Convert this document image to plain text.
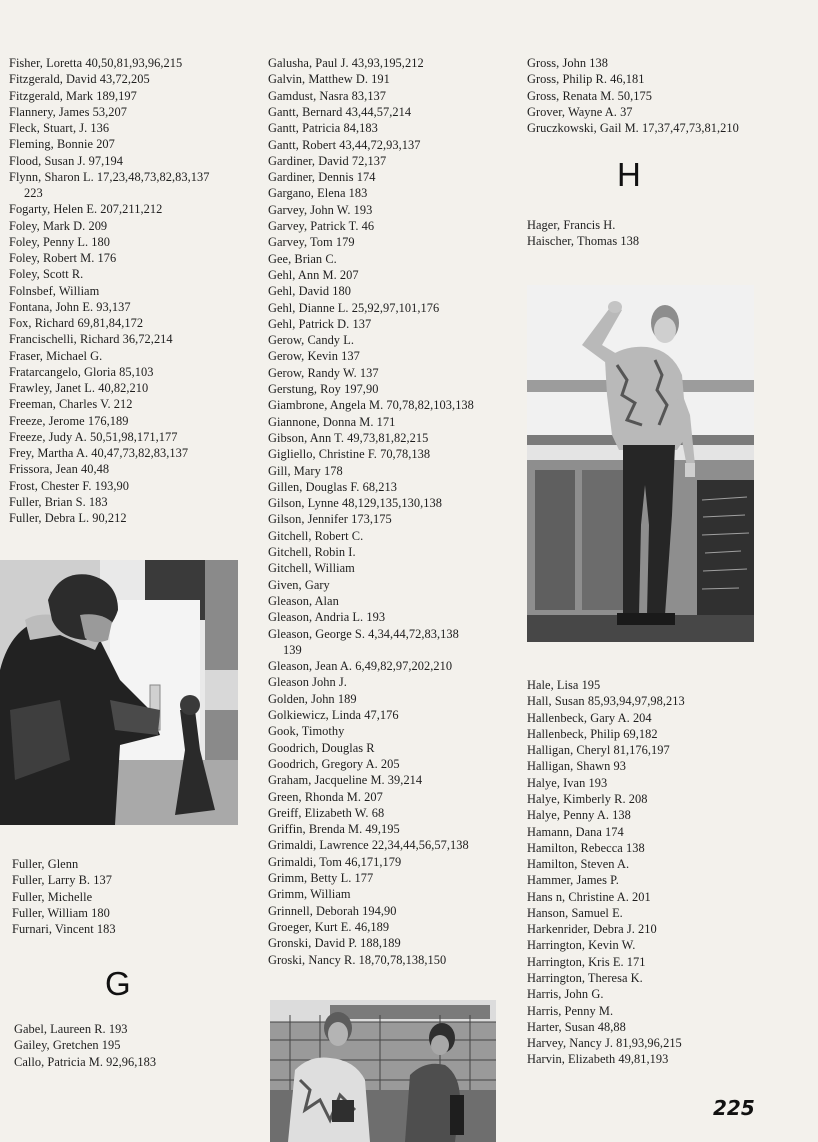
Fisher, Loretta 40,50,81,93,96,215
Fitzgerald, David 43,72,205
Fitzgerald, Mark 189,197
Flannery, James 53,207
Fleck, Stuart, J. 136
Fleming, Bonnie 207
Flood, Susan J. 97,194
Flynn, Sharon L. 17,23,48,73,82,83,137
223
Fogarty, Helen E. 207,211,212
Foley, Mark D. 209
Foley, Penny L. 180
Foley, Robert M. 176
Foley, Scott R.
Folnsbef, William
Fontana, John E. 93,137
Fox, Richard 69,81,84,172
Francischelli, Richard 36,72,214
Fraser, Michael G.
Fratarcangelo, Gloria 85,103
Frawley, Janet L. 40,82,210
Freeman, Charles V. 212
Freeze, Jerome 176,189
Freeze, Judy A. 50,51,98,171,177
Frey, Martha A. 40,47,73,82,83,137
Frissora, Jean 40,48
Frost, Chester F. 193,90
Fuller, Brian S. 183
Fuller, Debra L. 90,212
Fuller, Glenn
Fuller, Larry B. 137
Fuller, Michelle
Fuller, William 180
Furnari, Vincent 183
G
Gabel, Laureen R. 193
Gailey, Gretchen 195
Callo, Patricia M. 92,96,183
Galusha, Paul J. 43,93,195,212
Galvin, Matthew D. 191
Gamdust, Nasra 83,137
Gantt, Bernard 43,44,57,214
Gantt, Patricia 84,183
Gantt, Robert 43,44,72,93,137
Gardiner, David 72,137
Gardiner, Dennis 174
Gargano, Elena 183
Garvey, John W. 193
Garvey, Patrick T. 46
Garvey, Tom 179
Gee, Brian C.
Gehl, Ann M. 207
Gehl, David 180
Gehl, Dianne L. 25,92,97,101,176
Gehl, Patrick D. 137
Gerow, Candy L.
Gerow, Kevin 137
Gerow, Randy W. 137
Gerstung, Roy 197,90
Giambrone, Angela M. 70,78,82,103,138
Giannone, Donna M. 171
Gibson, Ann T. 49,73,81,82,215
Gigliello, Christine F. 70,78,138
Gill, Mary 178
Gillen, Douglas F. 68,213
Gilson, Lynne 48,129,135,130,138
Gilson, Jennifer 173,175
Gitchell, Robert C.
Gitchell, Robin I.
Gitchell, William
Given, Gary
Gleason, Alan
Gleason, Andria L. 193
Gleason, George S. 4,34,44,72,83,138
139
Gleason, Jean A. 6,49,82,97,202,210
Gleason John J.
Golden, John 189
Golkiewicz, Linda 47,176
Gook, Timothy
Goodrich, Douglas R
Goodrich, Gregory A. 205
Graham, Jacqueline M. 39,214
Green, Rhonda M. 207
Greiff, Elizabeth W. 68
Griffin, Brenda M. 49,195
Grimaldi, Lawrence 22,34,44,56,57,138
Grimaldi, Tom 46,171,179
Grimm, Betty L. 177
Grimm, William
Grinnell, Deborah 194,90
Groeger, Kurt E. 46,189
Gronski, David P. 188,189
Groski, Nancy R. 18,70,78,138,150
Gross, John 138
Gross, Philip R. 46,181
Gross, Renata M. 50,175
Grover, Wayne A. 37
Gruczkowski, Gail M. 17,37,47,73,81,210
H
Hager, Francis H.
Haischer, Thomas 138
Hale, Lisa 195
Hall, Susan 85,93,94,97,98,213
Hallenbeck, Gary A. 204
Hallenbeck, Philip 69,182
Halligan, Cheryl 81,176,197
Halligan, Shawn 93
Halye, Ivan 193
Halye, Kimberly R. 208
Halye, Penny A. 138
Hamann, Dana 174
Hamilton, Rebecca 138
Hamilton, Steven A.
Hammer, James P.
Hans n, Christine A. 201
Hanson, Samuel E.
Harkenrider, Debra J. 210
Harrington, Kevin W.
Harrington, Kris E. 171
Harrington, Theresa K.
Harris, John G.
Harris, Penny M.
Harter, Susan 48,88
Harvey, Nancy J. 81,93,96,215
Harvin, Elizabeth 49,81,193
225
